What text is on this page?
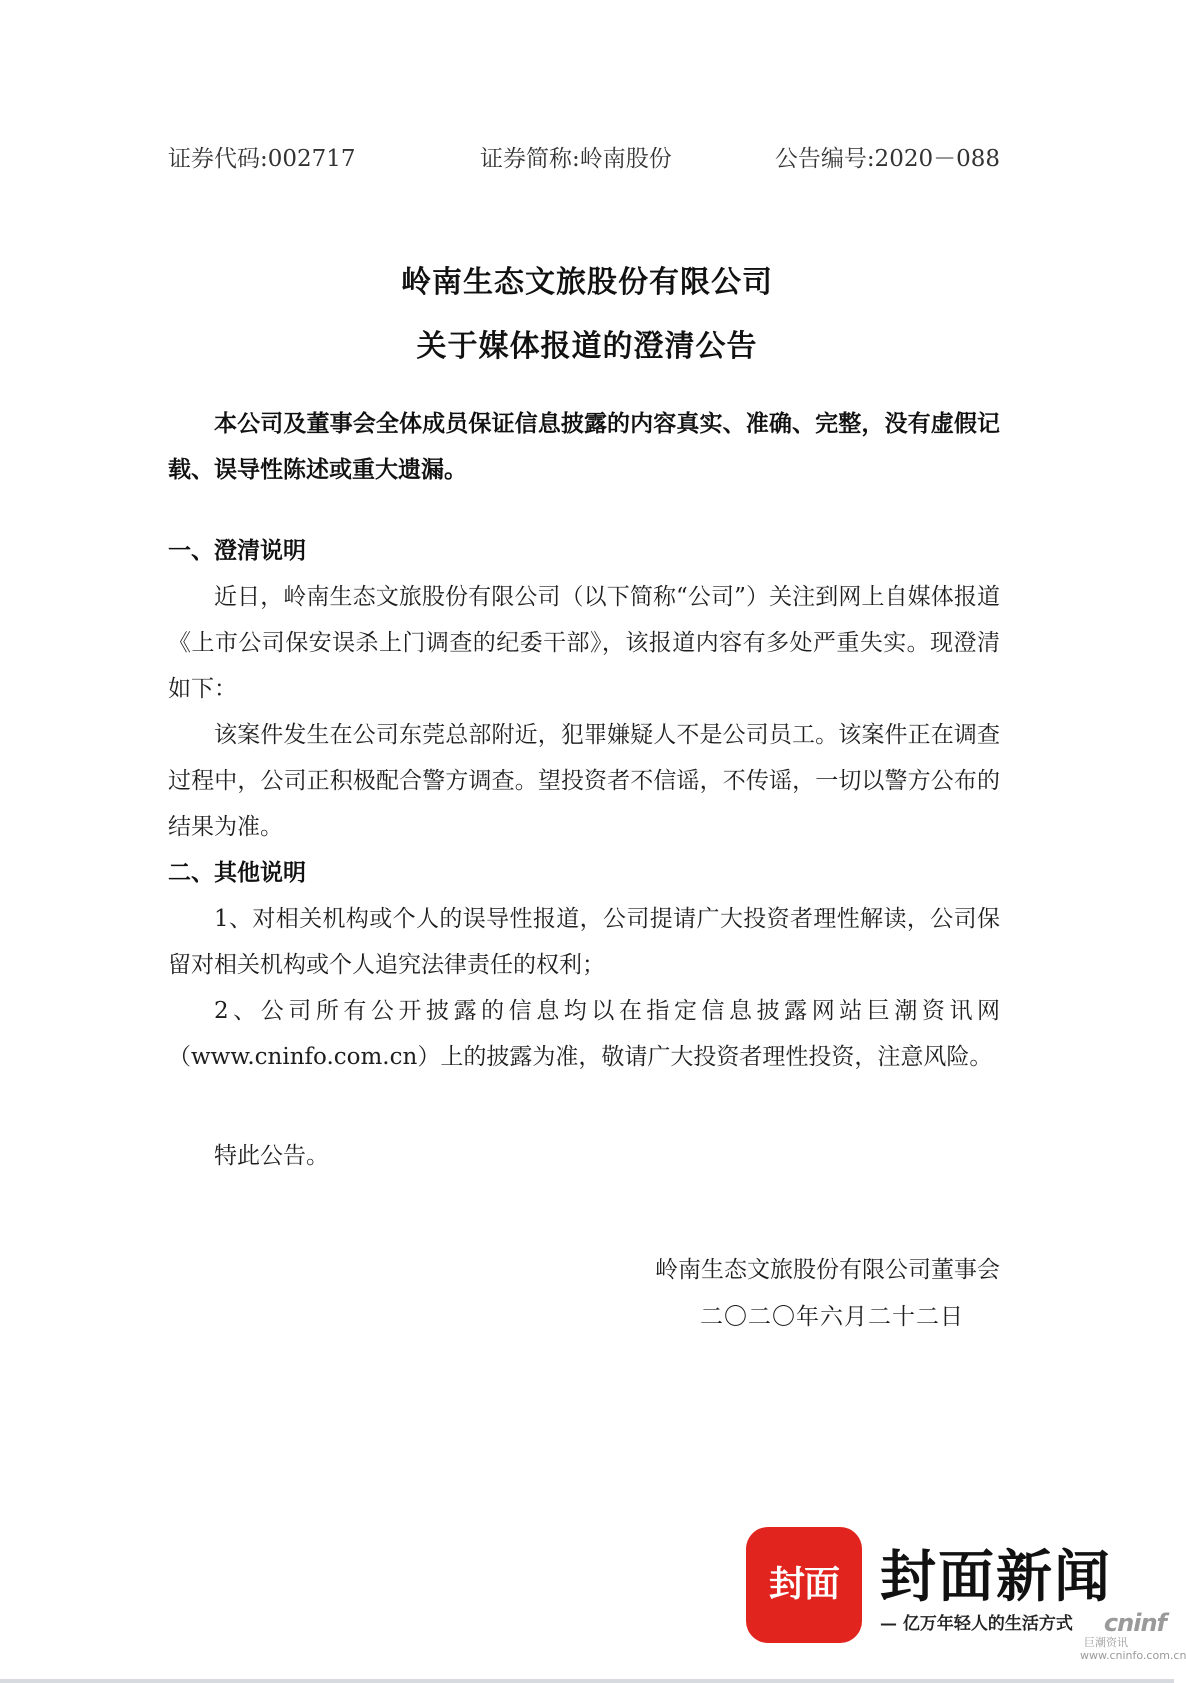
证券代码:002717	证券简称:岭南股份	公告编号:2020－088
岭南生态文旅股份有限公司
关于媒体报道的澄清公告
本公司及董事会全体成员保证信息披露的内容真实、准确、完整，没有虚假记载、误导性陈述或重大遗漏。
一、澄清说明
近日，岭南生态文旅股份有限公司（以下简称“公司”）关注到网上自媒体报道《上市公司保安误杀上门调查的纪委干部》，该报道内容有多处严重失实。现澄清如下：
该案件发生在公司东莞总部附近，犯罪嫌疑人不是公司员工。该案件正在调查过程中，公司正积极配合警方调查。望投资者不信谣，不传谣，一切以警方公布的结果为准。
二、其他说明
1、对相关机构或个人的误导性报道，公司提请广大投资者理性解读，公司保留对相关机构或个人追究法律责任的权利；
2、公司所有公开披露的信息均以在指定信息披露网站巨潮资讯网（www.cninfo.com.cn）上的披露为准，敬请广大投资者理性投资，注意风险。
特此公告。
岭南生态文旅股份有限公司董事会
二〇二〇年六月二十二日
封面 封面新闻
— 亿万年轻人的生活方式	cninf
巨潮资讯
www.cninfo.com.cn
